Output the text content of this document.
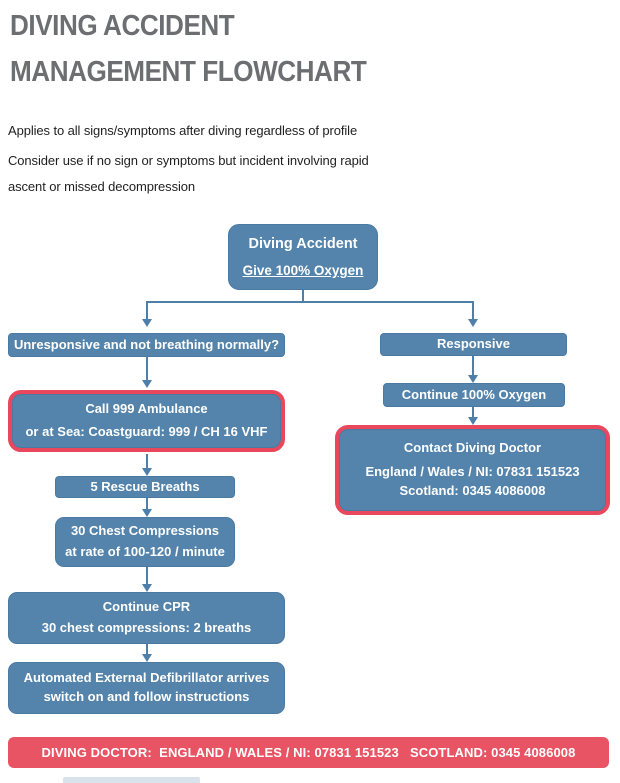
DIVING ACCIDENT
MANAGEMENT FLOWCHART
Applies to all signs/symptoms after diving regardless of profile
Consider use if no sign or symptoms but incident involving rapid ascent or missed decompression
Diving Accident
Give 100% Oxygen
Unresponsive and not breathing normally?
Call 999 Ambulance
or at Sea: Coastguard: 999 / CH 16 VHF
5 Rescue Breaths
30 Chest Compressions
at rate of 100-120 / minute
Continue CPR
30 chest compressions: 2 breaths
Automated External Defibrillator arrives
switch on and follow instructions
Responsive
Continue 100% Oxygen
Contact Diving Doctor
England / Wales / NI: 07831 151523
Scotland: 0345 4086008
DIVING DOCTOR:  ENGLAND / WALES / NI: 07831 151523   SCOTLAND: 0345 4086008
